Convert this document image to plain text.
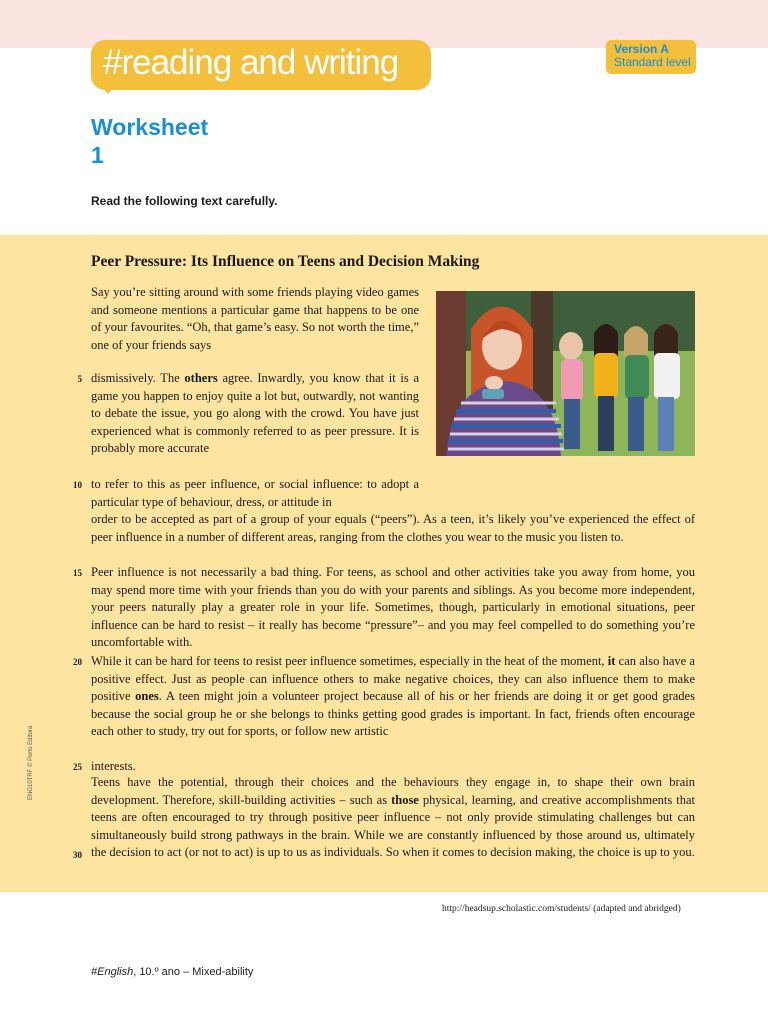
#reading and writing	Version A
Standard level
Worksheet
1
Read the following text carefully.
Peer Pressure: Its Influence on Teens and Decision Making

Say you’re sitting around with some friends playing video games and someone mentions a particular game that happens to be one of your favourites. “Oh, that game’s easy. So not worth the time,” one of your friends says

dismissively. The others agree. Inwardly, you know that it is a game you happen to enjoy quite a lot but, outwardly, not wanting to debate the issue, you go along with the crowd. You have just experienced what is commonly referred to as peer pressure. It is probably more accurate

to refer to this as peer influence, or social influence: to adopt a particular type of behaviour, dress, or attitude in

order to be accepted as part of a group of your equals (“peers”). As a teen, it’s likely you’ve experienced the effect of peer influence in a number of different areas, ranging from the clothes you wear to the music you listen to.

Peer influence is not necessarily a bad thing. For teens, as school and other activities take you away from home, you may spend more time with your friends than you do with your parents and siblings. As you become more independent, your peers naturally play a greater role in your life. Sometimes, though, particularly in emotional situations, peer influence can be hard to resist – it really has become “pressure”– and you may feel compelled to do something you’re uncomfortable with.

While it can be hard for teens to resist peer influence sometimes, especially in the heat of the moment, it can also have a positive effect. Just as people can influence others to make negative choices, they can also influence them to make positive ones. A teen might join a volunteer project because all of his or her friends are doing it or get good grades because the social group he or she belongs to thinks getting good grades is important. In fact, friends often encourage each other to study, try out for sports, or follow new artistic

interests.

Teens have the potential, through their choices and the behaviours they engage in, to shape their own brain development. Therefore, skill-building activities – such as those physical, learning, and creative accomplishments that teens are often encouraged to try through positive peer influence – not only provide stimulating challenges but can simultaneously build strong pathways in the brain. While we are constantly influenced by those around us, ultimately the decision to act (or not to act) is up to us as individuals. So when it comes to decision making, the choice is up to you.

5
10
15
20
25
30
ENG10TRF © Porto Editora
http://headsup.scholastic.com/students/ (adapted and abridged)
#English, 10.º ano – Mixed-ability
